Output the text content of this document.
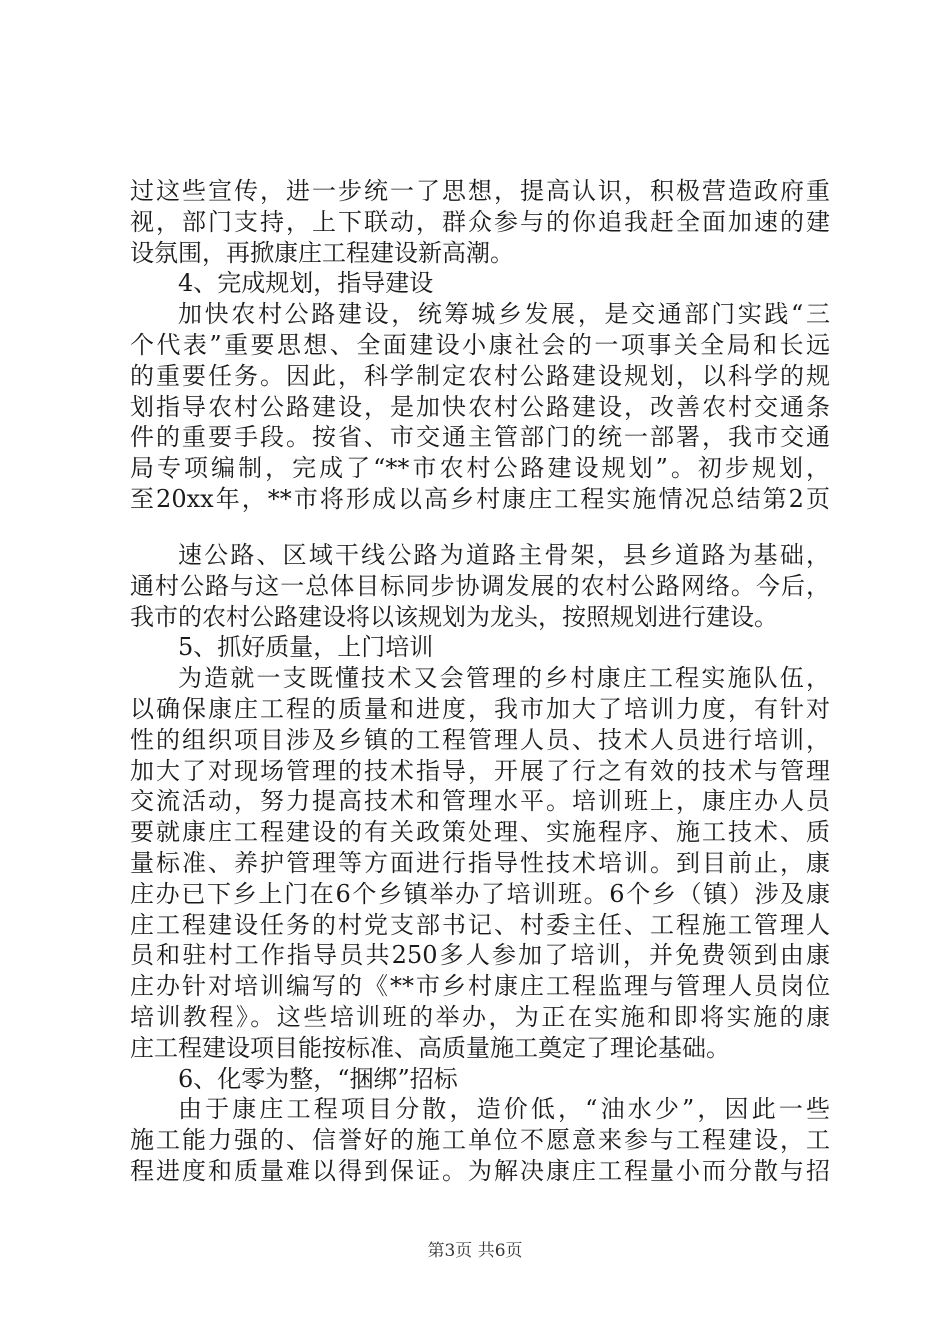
过这些宣传，进一步统一了思想，提高认识，积极营造政府重
视，部门支持，上下联动，群众参与的你追我赶全面加速的建
设氛围，再掀康庄工程建设新高潮。
4、完成规划，指导建设
加快农村公路建设，统筹城乡发展，是交通部门实践“三
个代表”重要思想、全面建设小康社会的一项事关全局和长远
的重要任务。因此，科学制定农村公路建设规划，以科学的规
划指导农村公路建设，是加快农村公路建设，改善农村交通条
件的重要手段。按省、市交通主管部门的统一部署，我市交通
局专项编制，完成了“**市农村公路建设规划”。初步规划，
至20xx年，**市将形成以高乡村康庄工程实施情况总结第2页
速公路、区域干线公路为道路主骨架，县乡道路为基础，
通村公路与这一总体目标同步协调发展的农村公路网络。今后，
我市的农村公路建设将以该规划为龙头，按照规划进行建设。
5、抓好质量，上门培训
为造就一支既懂技术又会管理的乡村康庄工程实施队伍，
以确保康庄工程的质量和进度，我市加大了培训力度，有针对
性的组织项目涉及乡镇的工程管理人员、技术人员进行培训，
加大了对现场管理的技术指导，开展了行之有效的技术与管理
交流活动，努力提高技术和管理水平。培训班上，康庄办人员
要就康庄工程建设的有关政策处理、实施程序、施工技术、质
量标准、养护管理等方面进行指导性技术培训。到目前止，康
庄办已下乡上门在6个乡镇举办了培训班。6个乡（镇）涉及康
庄工程建设任务的村党支部书记、村委主任、工程施工管理人
员和驻村工作指导员共250多人参加了培训，并免费领到由康
庄办针对培训编写的《**市乡村康庄工程监理与管理人员岗位
培训教程》。这些培训班的举办，为正在实施和即将实施的康
庄工程建设项目能按标准、高质量施工奠定了理论基础。
6、化零为整，“捆绑”招标
由于康庄工程项目分散，造价低，“油水少”，因此一些
施工能力强的、信誉好的施工单位不愿意来参与工程建设，工
程进度和质量难以得到保证。为解决康庄工程量小而分散与招
第3页 共6页
